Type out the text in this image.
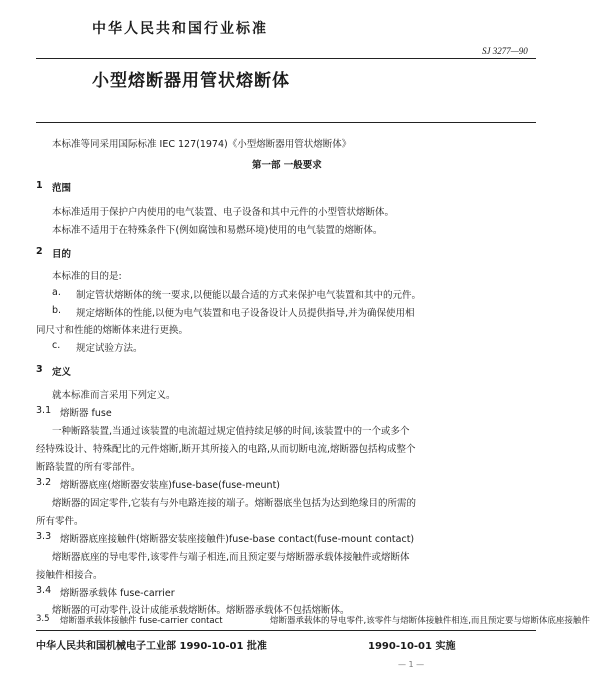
中华人民共和国行业标准
SJ 3277—90
小型熔断器用管状熔断体
本标准等同采用国际标准 IEC 127(1974)《小型熔断器用管状熔断体》
第一部 一般要求
1 范围
本标准适用于保护户内使用的电气装置、电子设备和其中元件的小型管状熔断体。
本标准不适用于在特殊条件下(例如腐蚀和易燃环境)使用的电气装置的熔断体。
2 目的
本标准的目的是:
a. 制定管状熔断体的统一要求,以便能以最合适的方式来保护电气装置和其中的元件。
b. 规定熔断体的性能,以便为电气装置和电子设备设计人员提供指导,并为确保使用相
同尺寸和性能的熔断体来进行更换。
c. 规定试验方法。
3 定义
就本标准而言采用下列定义。
3.1 熔断器 fuse
一种断路装置,当通过该装置的电流超过规定值持续足够的时间,该装置中的一个或多个
经特殊设计、特殊配比的元件熔断,断开其所接入的电路,从而切断电流,熔断器包括构成整个
断路装置的所有零部件。
3.2 熔断器底座(熔断器安装座)fuse-base(fuse-meunt)
熔断器的固定零件,它装有与外电路连接的端子。熔断器底坐包括为达到绝缘目的所需的
所有零件。
3.3 熔断器底座接触件(熔断器安装座接触件)fuse-base contact(fuse-mount contact)
熔断器底座的导电零件,该零件与端子相连,而且预定要与熔断器承载体接触件或熔断体
接触件相接合。
3.4 熔断器承载体 fuse-carrier
熔断器的可动零件,设计成能承载熔断体。熔断器承载体不包括熔断体。
中华人民共和国机械电子工业部 1990-10-01 批准	1990-10-01 实施
— 1 —
3.5 熔断器承载体接触件 fuse-carrier contact	熔断器承载体的导电零件,该零件与熔断体接触件相连,而且预定要与熔断体底座接触件
